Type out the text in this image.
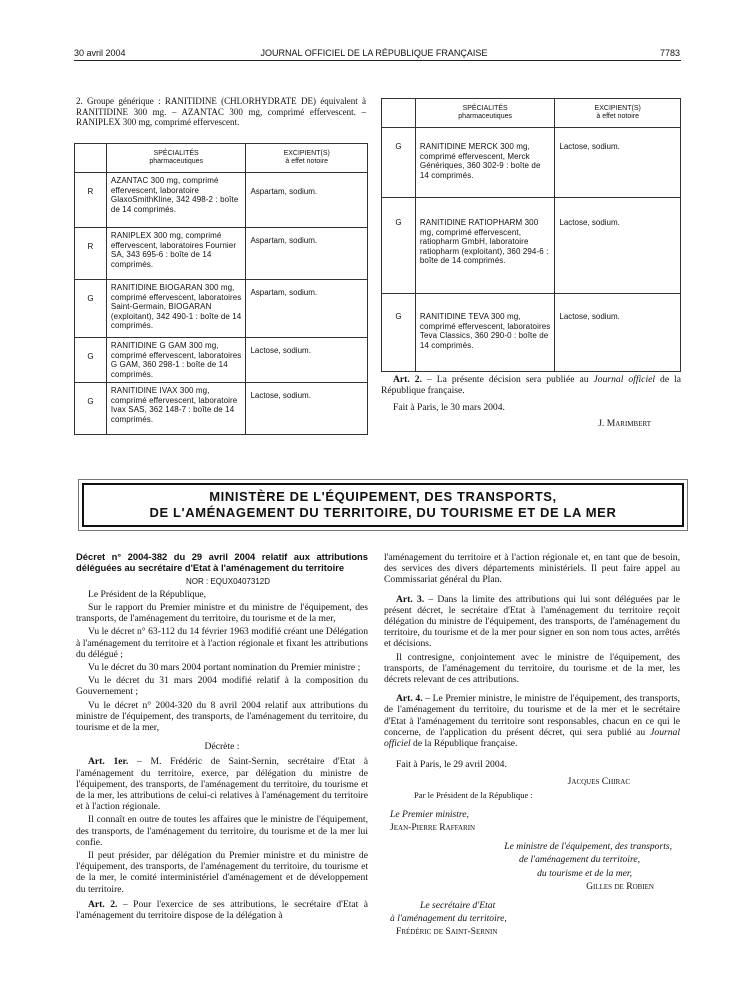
30 avril 2004	JOURNAL OFFICIEL DE LA RÉPUBLIQUE FRANÇAISE	7783
2. Groupe générique : RANITIDINE (CHLORHYDRATE DE) équivalent à RANITIDINE 300 mg. – AZANTAC 300 mg, comprimé effervescent. – RANIPLEX 300 mg, comprimé effervescent.
	SPÉCIALITÉS
pharmaceutiques	EXCIPIENT(S)
à effet notoire
R	AZANTAC 300 mg, comprimé effervescent, laboratoire GlaxoSmithKline, 342 498-2 : boîte de 14 comprimés.	Aspartam, sodium.
R	RANIPLEX 300 mg, comprimé effervescent, laboratoires Fournier SA, 343 695-6 : boîte de 14 comprimés.	Aspartam, sodium.
G	RANITIDINE BIOGARAN 300 mg, comprimé effervescent, laboratoires Saint-Germain, BIOGARAN (exploitant), 342 490-1 : boîte de 14 comprimés.	Aspartam, sodium.
G	RANITIDINE G GAM 300 mg, comprimé effervescent, laboratoires G GAM, 360 298-1 : boîte de 14 comprimés.	Lactose, sodium.
G	RANITIDINE IVAX 300 mg, comprimé effervescent, laboratoire Ivax SAS, 362 148-7 : boîte de 14 comprimés.	Lactose, sodium.
	SPÉCIALITÉS
pharmaceutiques	EXCIPIENT(S)
à effet notoire
G	RANITIDINE MERCK 300 mg, comprimé effervescent, Merck Génériques, 360 302-9 : boîte de 14 comprimés.	Lactose, sodium.
G	RANITIDINE RATIOPHARM 300 mg, comprimé effervescent, ratiopharm GmbH, laboratoire ratiopharm (exploitant), 360 294-6 : boîte de 14 comprimés.	Lactose, sodium.
G	RANITIDINE TEVA 300 mg, comprimé effervescent, laboratoires Teva Classics, 360 290-0 : boîte de 14 comprimés.	Lactose, sodium.

Art. 2. – La présente décision sera publiée au Journal officiel de la République française.

Fait à Paris, le 30 mars 2004.

J. Marimbert

MINISTÈRE DE L'ÉQUIPEMENT, DES TRANSPORTS,
DE L'AMÉNAGEMENT DU TERRITOIRE, DU TOURISME ET DE LA MER

Décret n° 2004-382 du 29 avril 2004 relatif aux attributions déléguées au secrétaire d'Etat à l'aménagement du territoire

NOR : EQUX0407312D

Le Président de la République,

Sur le rapport du Premier ministre et du ministre de l'équipement, des transports, de l'aménagement du territoire, du tourisme et de la mer,

Vu le décret n° 63-112 du 14 février 1963 modifié créant une Délégation à l'aménagement du territoire et à l'action régionale et fixant les attributions du délégué ;

Vu le décret du 30 mars 2004 portant nomination du Premier ministre ;

Vu le décret du 31 mars 2004 modifié relatif à la composition du Gouvernement ;

Vu le décret n° 2004-320 du 8 avril 2004 relatif aux attributions du ministre de l'équipement, des transports, de l'aménagement du territoire, du tourisme et de la mer,

Décrète :

Art. 1er. – M. Frédéric de Saint-Sernin, secrétaire d'Etat à l'aménagement du territoire, exerce, par délégation du ministre de l'équipement, des transports, de l'aménagement du territoire, du tourisme et de la mer, les attributions de celui-ci relatives à l'aménagement du territoire et à l'action régionale.

Il connaît en outre de toutes les affaires que le ministre de l'équipement, des transports, de l'aménagement du territoire, du tourisme et de la mer lui confie.

Il peut présider, par délégation du Premier ministre et du ministre de l'équipement, des transports, de l'aménagement du territoire, du tourisme et de la mer, le comité interministériel d'aménagement et de développement du territoire.

Art. 2. – Pour l'exercice de ses attributions, le secrétaire d'Etat à l'aménagement du territoire dispose de la délégation à

l'aménagement du territoire et à l'action régionale et, en tant que de besoin, des services des divers départements ministériels. Il peut faire appel au Commissariat général du Plan.

Art. 3. – Dans la limite des attributions qui lui sont déléguées par le présent décret, le secrétaire d'Etat à l'aménagement du territoire reçoit délégation du ministre de l'équipement, des transports, de l'aménagement du territoire, du tourisme et de la mer pour signer en son nom tous actes, arrêtés et décisions.

Il contresigne, conjointement avec le ministre de l'équipement, des transports, de l'aménagement du territoire, du tourisme et de la mer, les décrets relevant de ces attributions.

Art. 4. – Le Premier ministre, le ministre de l'équipement, des transports, de l'aménagement du territoire, du tourisme et de la mer et le secrétaire d'Etat à l'aménagement du territoire sont responsables, chacun en ce qui le concerne, de l'application du présent décret, qui sera publié au Journal officiel de la République française.

Fait à Paris, le 29 avril 2004.

Jacques Chirac

Par le Président de la République :

Le Premier ministre,

Jean-Pierre Raffarin

Le ministre de l'équipement, des transports,

de l'aménagement du territoire,

du tourisme et de la mer,

Gilles de Robien

Le secrétaire d'Etat

à l'aménagement du territoire,

Frédéric de Saint-Sernin
